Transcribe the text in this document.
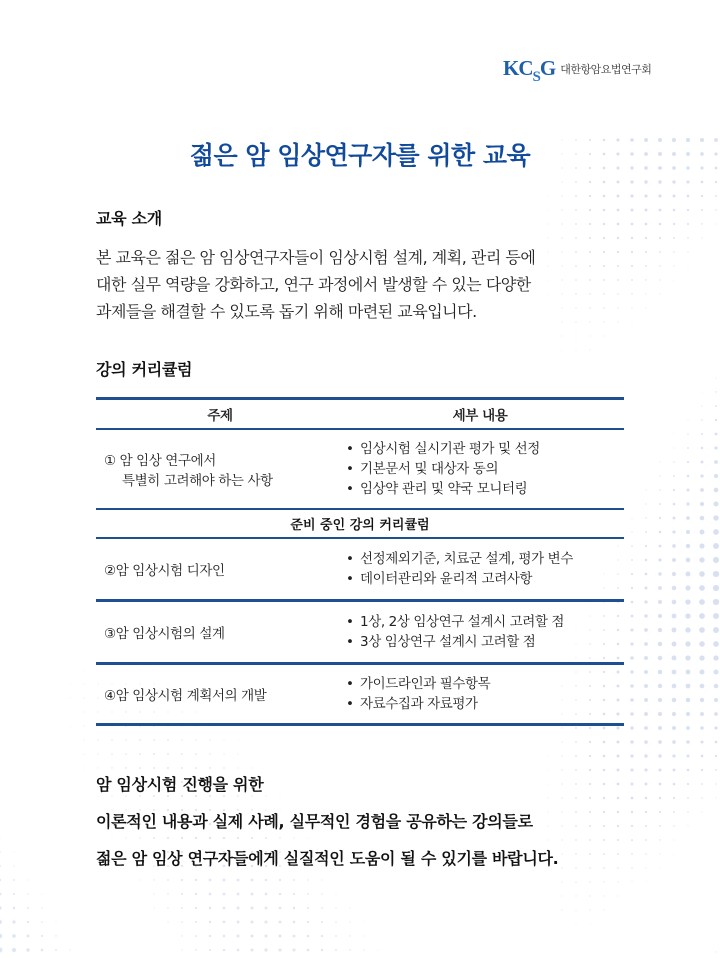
$KC_SG$ 대한항암요법연구회
젊은 암 임상연구자를 위한 교육
교육 소개
본 교육은 젊은 암 임상연구자들이 임상시험 설계, 계획, 관리 등에
대한 실무 역량을 강화하고, 연구 과정에서 발생할 수 있는 다양한
과제들을 해결할 수 있도록 돕기 위해 마련된 교육입니다.
강의 커리큘럼
주제	세부 내용
① 암 임상 연구에서
특별히 고려해야 하는 사항
• 임상시험 실시기관 평가 및 선정
• 기본문서 및 대상자 동의
• 임상약 관리 및 약국 모니터링
준비 중인 강의 커리큘럼
②암 임상시험 디자인
• 선정제외기준, 치료군 설계, 평가 변수
• 데이터관리와 윤리적 고려사항
③암 임상시험의 설계
• 1상, 2상 임상연구 설계시 고려할 점
• 3상 임상연구 설계시 고려할 점
④암 임상시험 계획서의 개발
• 가이드라인과 필수항목
• 자료수집과 자료평가
암 임상시험 진행을 위한
이론적인 내용과 실제 사례, 실무적인 경험을 공유하는 강의들로
젊은 암 임상 연구자들에게 실질적인 도움이 될 수 있기를 바랍니다.
